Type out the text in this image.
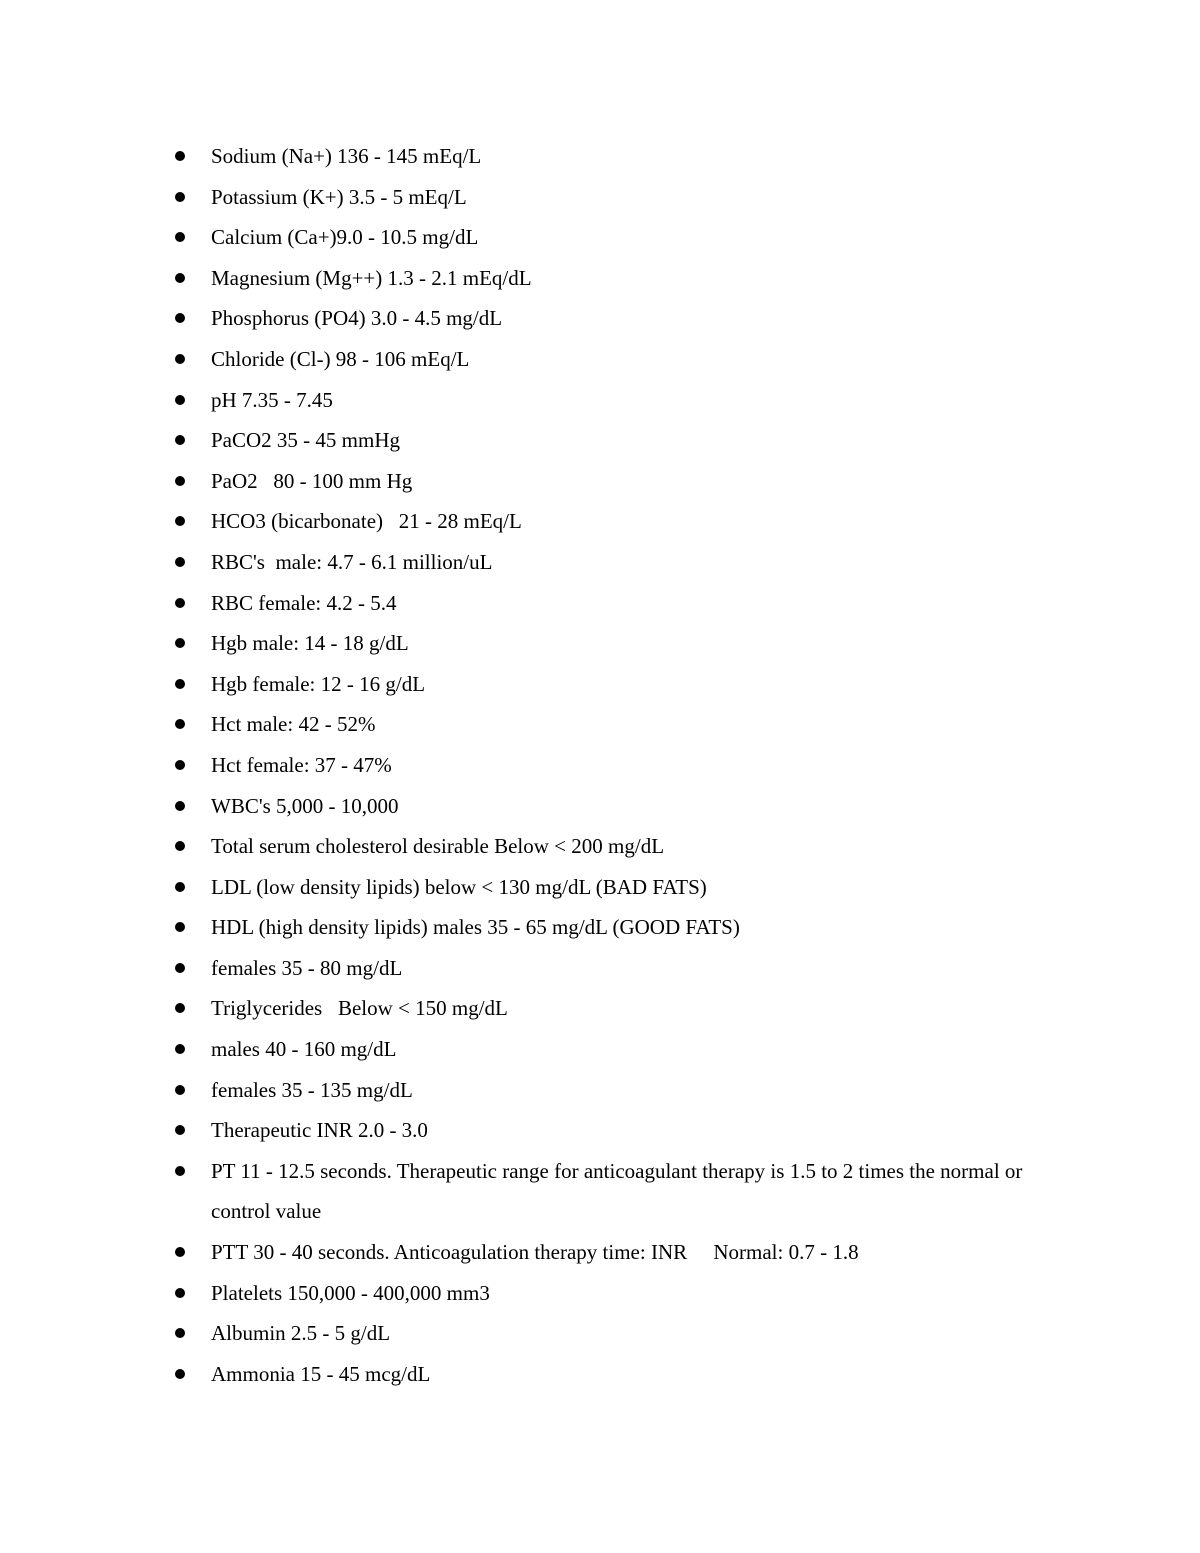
Sodium (Na+) 136 - 145 mEq/L
Potassium (K+) 3.5 - 5 mEq/L
Calcium (Ca+)9.0 - 10.5 mg/dL
Magnesium (Mg++) 1.3 - 2.1 mEq/dL
Phosphorus (PO4) 3.0 - 4.5 mg/dL
Chloride (Cl-) 98 - 106 mEq/L
pH 7.35 - 7.45
PaCO2 35 - 45 mmHg
PaO2   80 - 100 mm Hg
HCO3 (bicarbonate)   21 - 28 mEq/L
RBC's  male: 4.7 - 6.1 million/uL
RBC female: 4.2 - 5.4
Hgb male: 14 - 18 g/dL
Hgb female: 12 - 16 g/dL
Hct male: 42 - 52%
Hct female: 37 - 47%
WBC's 5,000 - 10,000
Total serum cholesterol desirable Below < 200 mg/dL
LDL (low density lipids) below < 130 mg/dL (BAD FATS)
HDL (high density lipids) males 35 - 65 mg/dL (GOOD FATS)
females 35 - 80 mg/dL
Triglycerides   Below < 150 mg/dL
males 40 - 160 mg/dL
females 35 - 135 mg/dL
Therapeutic INR 2.0 - 3.0
PT 11 - 12.5 seconds. Therapeutic range for anticoagulant therapy is 1.5 to 2 times the normal or control value
PTT 30 - 40 seconds. Anticoagulation therapy time: INR     Normal: 0.7 - 1.8
Platelets 150,000 - 400,000 mm3
Albumin 2.5 - 5 g/dL
Ammonia 15 - 45 mcg/dL
